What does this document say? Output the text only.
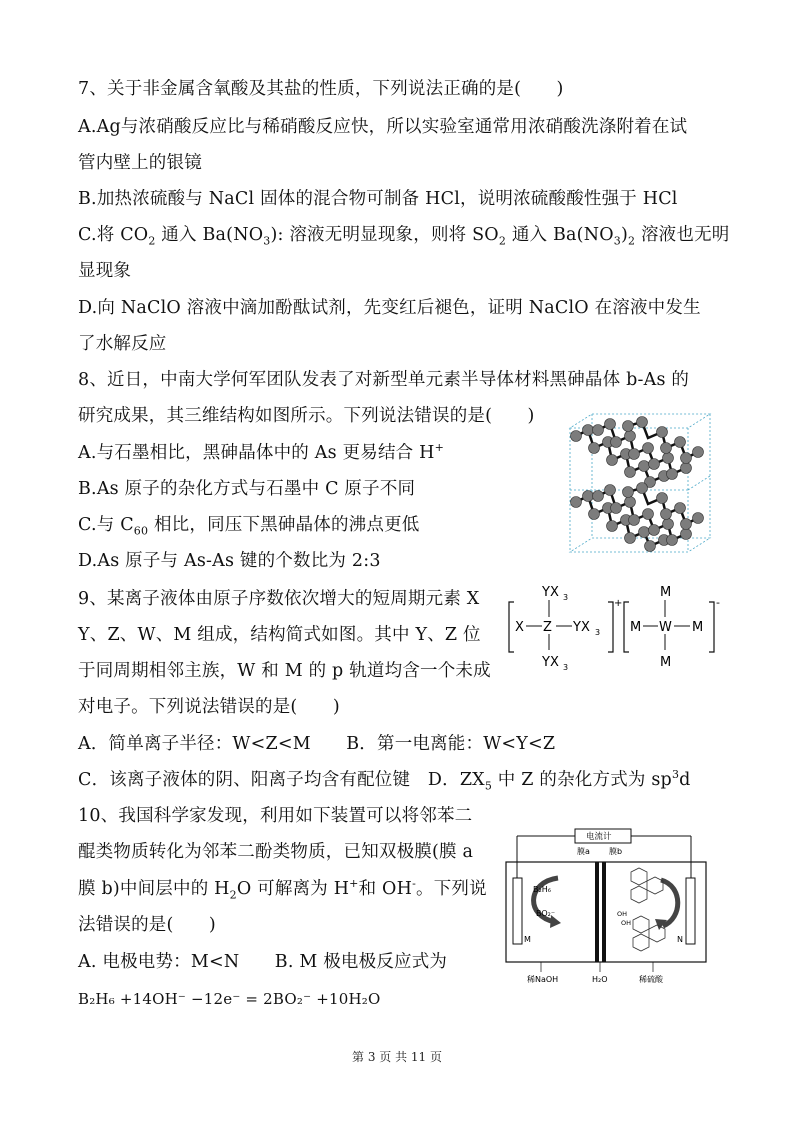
7、关于非金属含氧酸及其盐的性质，下列说法正确的是(　　)
A.Ag与浓硝酸反应比与稀硝酸反应快，所以实验室通常用浓硝酸洗涤附着在试
管内壁上的银镜
B.加热浓硫酸与 NaCl 固体的混合物可制备 HCl，说明浓硫酸酸性强于 HCl
C.将 $CO_2$ 通入 $Ba(NO_3)$: 溶液无明显现象，则将 $SO_2$ 通入 $Ba(NO_3)_2$ 溶液也无明
显现象
D.向 NaClO 溶液中滴加酚酞试剂，先变红后褪色，证明 NaClO 在溶液中发生
了水解反应
8、近日，中南大学何军团队发表了对新型单元素半导体材料黑砷晶体 b-As 的
研究成果，其三维结构如图所示。下列说法错误的是(　　)
A.与石墨相比，黑砷晶体中的 As 更易结合 H+
B.As 原子的杂化方式与石墨中 C 原子不同
C.与 $C_{60}$ 相比，同压下黑砷晶体的沸点更低
D.As 原子与 As-As 键的个数比为 2:3
9、某离子液体由原子序数依次增大的短周期元素 X
Y、Z、W、M 组成，结构简式如图。其中 Y、Z 位
于同周期相邻主族，W 和 M 的 p 轨道均含一个未成
对电子。下列说法错误的是(　　)
A．简单离子半径：W<Z<M　　B．第一电离能：W<Y<Z
C．该离子液体的阴、阳离子均含有配位键　D．$ZX_5$ 中 Z 的杂化方式为 $sp^3d$
X Z
YX 3
YX 3
YX 3
+
M W
M
M
M
-
10、我国科学家发现，利用如下装置可以将邻苯二
醌类物质转化为邻苯二酚类物质，已知双极膜(膜 a
膜 b)中间层中的 $H_2O$ 可解离为 H+和 OH-。下列说
法错误的是(　　)
A. 电极电势：M<N　　B. M 极电极反应式为
B₂H₆ +14OH⁻ −12e⁻ = 2BO₂⁻ +10H₂O
电流计
M	N
膜a 膜b
B₂H₆
BO₂⁻	OH
OH
稀NaOH	H₂O	稀硫酸
第 3 页 共 11 页
